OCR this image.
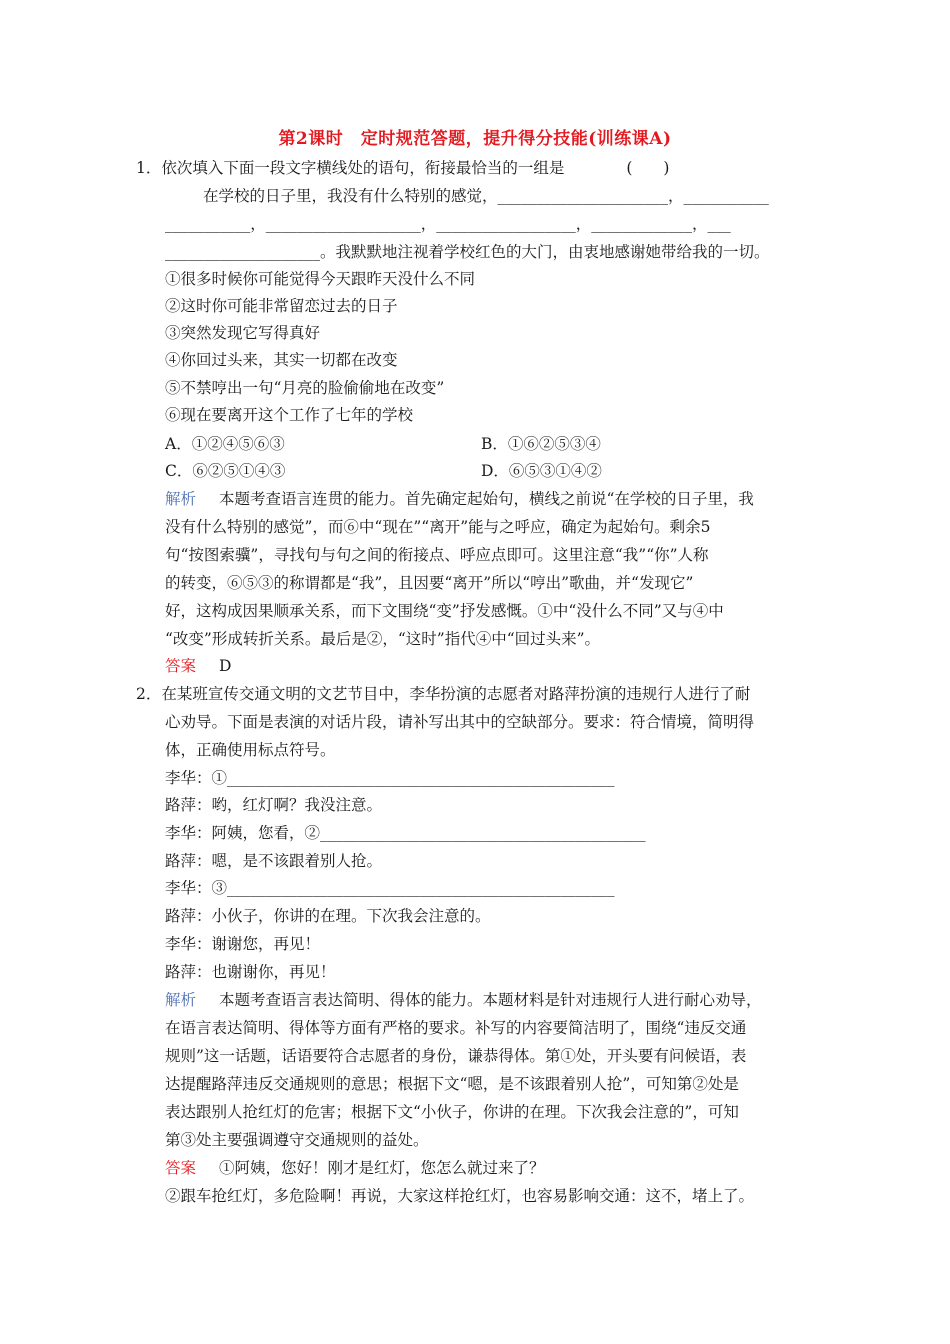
第2课时　定时规范答题，提升得分技能(训练课A)
1．依次填入下面一段文字横线处的语句，衔接最恰当的一组是　　　　(　　)
在学校的日子里，我没有什么特别的感觉，______________________，___________
___________，____________________，__________________，_____________，___
____________________。我默默地注视着学校红色的大门，由衷地感谢她带给我的一切。
①很多时候你可能觉得今天跟昨天没什么不同
②这时你可能非常留恋过去的日子
③突然发现它写得真好
④你回过头来，其实一切都在改变
⑤不禁哼出一句“月亮的脸偷偷地在改变”
⑥现在要离开这个工作了七年的学校
A．①②④⑤⑥③	B．①⑥②⑤③④
C．⑥②⑤①④③	D．⑥⑤③①④②
解析 本题考查语言连贯的能力。首先确定起始句，横线之前说“在学校的日子里，我
没有什么特别的感觉”，而⑥中“现在”“离开”能与之呼应，确定为起始句。剩余5
句“按图索骥”，寻找句与句之间的衔接点、呼应点即可。这里注意“我”“你”人称
的转变，⑥⑤③的称谓都是“我”，且因要“离开”所以“哼出”歌曲，并“发现它”
好，这构成因果顺承关系，而下文围绕“变”抒发感慨。①中“没什么不同”又与④中
“改变”形成转折关系。最后是②，“这时”指代④中“回过头来”。
答案 D
2．在某班宣传交通文明的文艺节目中，李华扮演的志愿者对路萍扮演的违规行人进行了耐
心劝导。下面是表演的对话片段，请补写出其中的空缺部分。要求：符合情境，简明得
体，正确使用标点符号。
李华：①__________________________________________________
路萍：哟，红灯啊？我没注意。
李华：阿姨，您看，②__________________________________________
路萍：嗯，是不该跟着别人抢。
李华：③__________________________________________________
路萍：小伙子，你讲的在理。下次我会注意的。
李华：谢谢您，再见！
路萍：也谢谢你，再见！
解析 本题考查语言表达简明、得体的能力。本题材料是针对违规行人进行耐心劝导，
在语言表达简明、得体等方面有严格的要求。补写的内容要简洁明了，围绕“违反交通
规则”这一话题，话语要符合志愿者的身份，谦恭得体。第①处，开头要有问候语，表
达提醒路萍违反交通规则的意思；根据下文“嗯，是不该跟着别人抢”，可知第②处是
表达跟别人抢红灯的危害；根据下文“小伙子，你讲的在理。下次我会注意的”，可知
第③处主要强调遵守交通规则的益处。
答案 ①阿姨，您好！刚才是红灯，您怎么就过来了？
②跟车抢红灯，多危险啊！再说，大家这样抢红灯，也容易影响交通：这不，堵上了。
